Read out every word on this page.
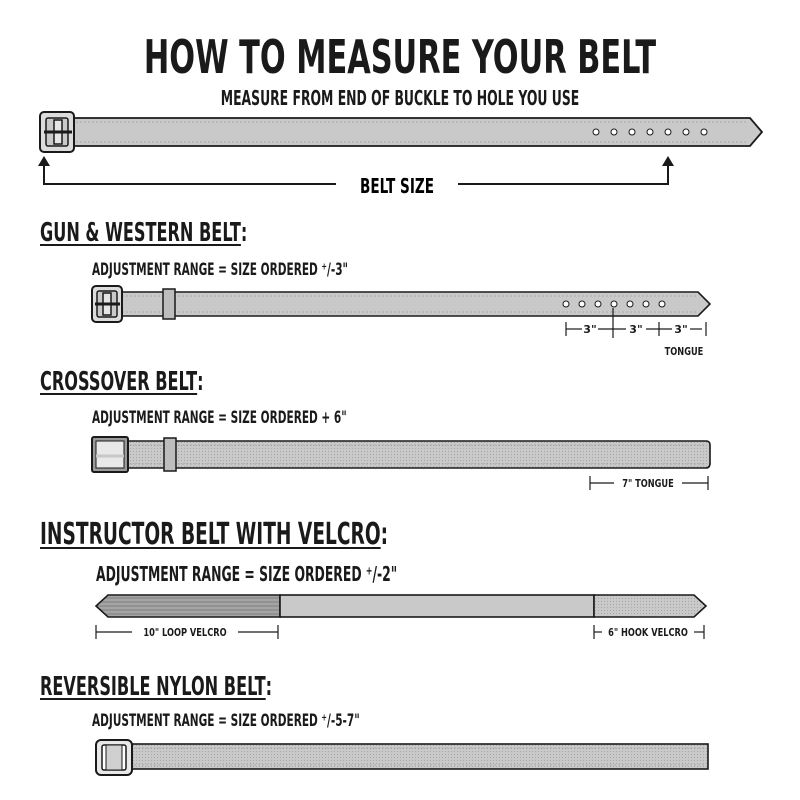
HOW TO MEASURE YOUR BELT
MEASURE FROM END OF BUCKLE TO HOLE YOU USE
GUN & WESTERN BELT:
ADJUSTMENT RANGE = SIZE ORDERED ⁺/-3"
CROSSOVER BELT:
ADJUSTMENT RANGE = SIZE ORDERED + 6"
INSTRUCTOR BELT WITH VELCRO:
ADJUSTMENT RANGE = SIZE ORDERED ⁺/-2"
REVERSIBLE NYLON BELT:
ADJUSTMENT RANGE = SIZE ORDERED ⁺/-5-7"
BELT SIZE
3"	3"	3"
TONGUE
7" TONGUE
10" LOOP VELCRO	6" HOOK VELCRO
